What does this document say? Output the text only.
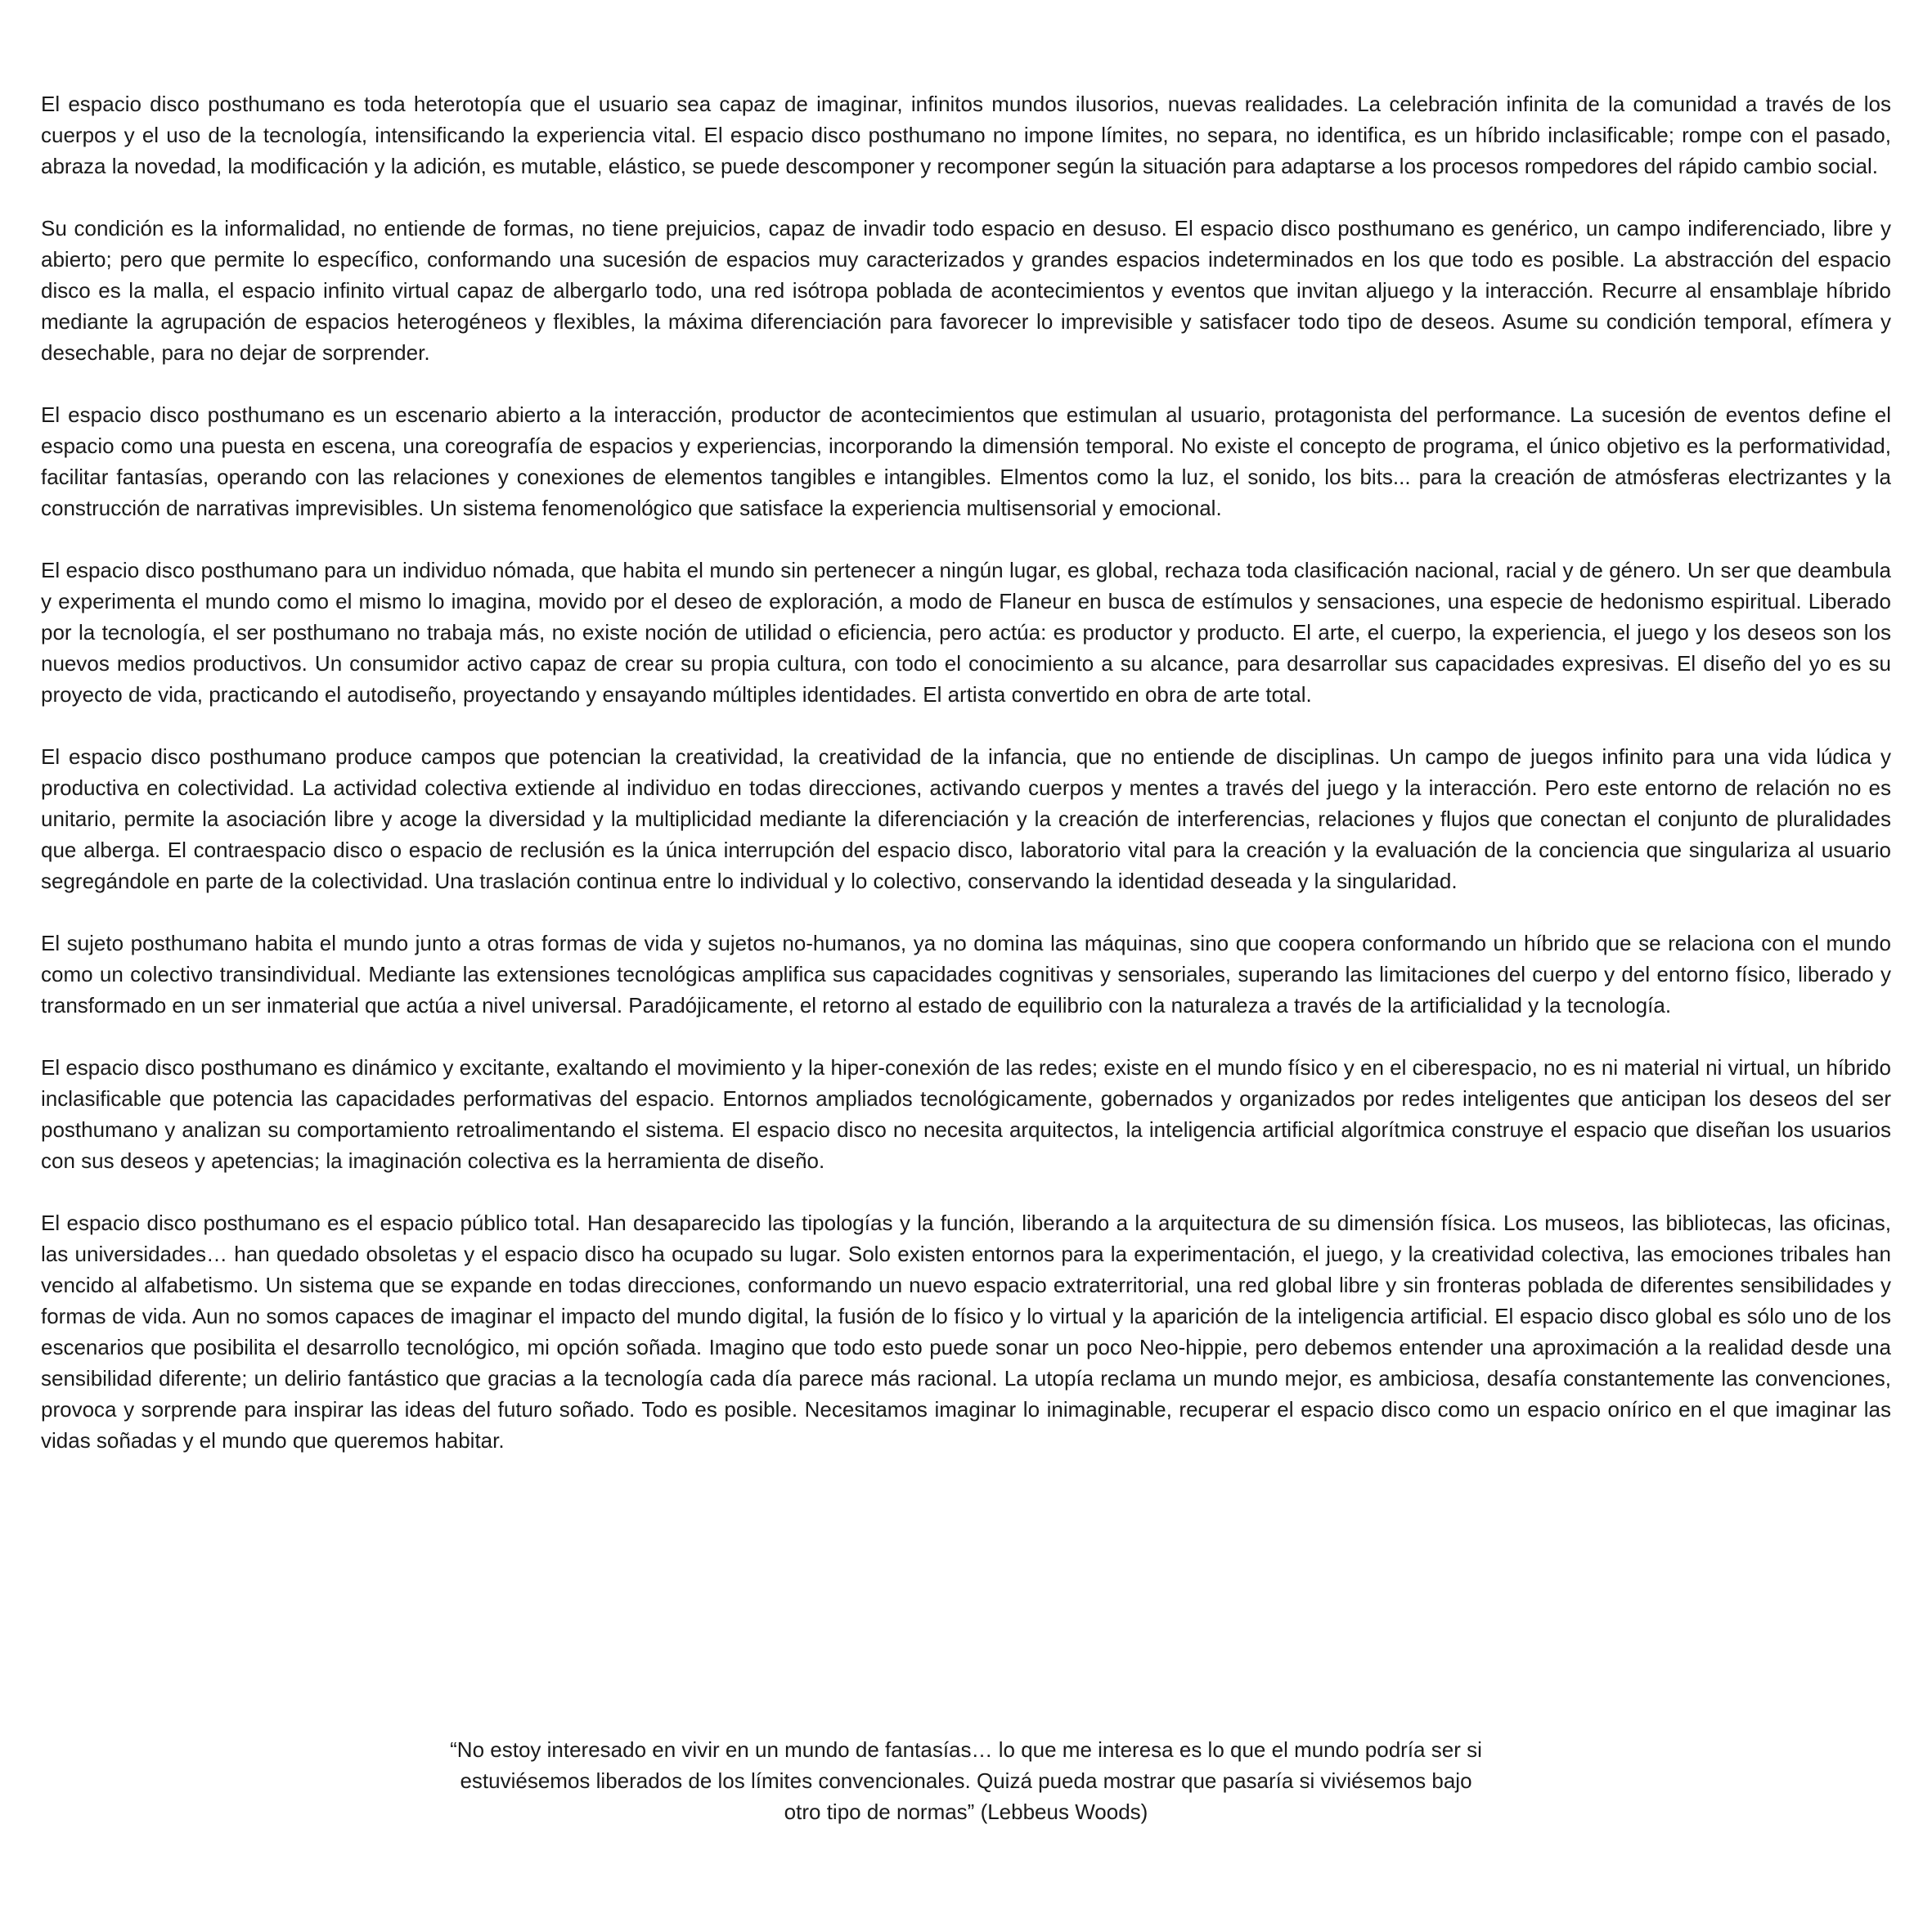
El espacio disco posthumano es toda heterotopía que el usuario sea capaz de imaginar, infinitos mundos ilusorios, nuevas realidades. La celebración infinita de la comunidad a través de los cuerpos y el uso de la tecnología, intensificando la experiencia vital. El espacio disco posthumano no impone límites, no separa, no identifica, es un híbrido inclasificable; rompe con el pasado, abraza la novedad, la modificación y la adición, es mutable, elástico, se puede descomponer y recomponer según la situación para adaptarse a los procesos rompedores del rápido cambio social.

Su condición es la informalidad, no entiende de formas, no tiene prejuicios, capaz de invadir todo espacio en desuso. El espacio disco posthumano es genérico, un campo indiferenciado, libre y abierto; pero que permite lo específico, conformando una sucesión de espacios muy caracterizados y grandes espacios indeterminados en los que todo es posible. La abstracción del espacio disco es la malla, el espacio infinito virtual capaz de albergarlo todo, una red isótropa poblada de acontecimientos y eventos que invitan aljuego y la interacción. Recurre al ensamblaje híbrido mediante la agrupación de espacios heterogéneos y flexibles, la máxima diferenciación para favorecer lo imprevisible y satisfacer todo tipo de deseos. Asume su condición temporal, efímera y desechable, para no dejar de sorprender.

El espacio disco posthumano es un escenario abierto a la interacción, productor de acontecimientos que estimulan al usuario, protagonista del performance. La sucesión de eventos define el espacio como una puesta en escena, una coreografía de espacios y experiencias, incorporando la dimensión temporal. No existe el concepto de programa, el único objetivo es la performatividad, facilitar fantasías, operando con las relaciones y conexiones de elementos tangibles e intangibles. Elmentos como la luz, el sonido, los bits... para la creación de atmósferas electrizantes y la construcción de narrativas imprevisibles. Un sistema fenomenológico que satisface la experiencia multisensorial y emocional.

El espacio disco posthumano para un individuo nómada, que habita el mundo sin pertenecer a ningún lugar, es global, rechaza toda clasificación nacional, racial y de género. Un ser que deambula y experimenta el mundo como el mismo lo imagina, movido por el deseo de exploración, a modo de Flaneur en busca de estímulos y sensaciones, una especie de hedonismo espiritual. Liberado por la tecnología, el ser posthumano no trabaja más, no existe noción de utilidad o eficiencia, pero actúa: es productor y producto. El arte, el cuerpo, la experiencia, el juego y los deseos son los nuevos medios productivos. Un consumidor activo capaz de crear su propia cultura, con todo el conocimiento a su alcance, para desarrollar sus capacidades expresivas. El diseño del yo es su proyecto de vida, practicando el autodiseño, proyectando y ensayando múltiples identidades. El artista convertido en obra de arte total.

El espacio disco posthumano produce campos que potencian la creatividad, la creatividad de la infancia, que no entiende de disciplinas. Un campo de juegos infinito para una vida lúdica y productiva en colectividad. La actividad colectiva extiende al individuo en todas direcciones, activando cuerpos y mentes a través del juego y la interacción. Pero este entorno de relación no es unitario, permite la asociación libre y acoge la diversidad y la multiplicidad mediante la diferenciación y la creación de interferencias, relaciones y flujos que conectan el conjunto de pluralidades que alberga. El contraespacio disco o espacio de reclusión es la única interrupción del espacio disco, laboratorio vital para la creación y la evaluación de la conciencia que singulariza al usuario segregándole en parte de la colectividad. Una traslación continua entre lo individual y lo colectivo, conservando la identidad deseada y la singularidad.

El sujeto posthumano habita el mundo junto a otras formas de vida y sujetos no-humanos, ya no domina las máquinas, sino que coopera conformando un híbrido que se relaciona con el mundo como un colectivo transindividual. Mediante las extensiones tecnológicas amplifica sus capacidades cognitivas y sensoriales, superando las limitaciones del cuerpo y del entorno físico, liberado y transformado en un ser inmaterial que actúa a nivel universal. Paradójicamente, el retorno al estado de equilibrio con la naturaleza a través de la artificialidad y la tecnología.

El espacio disco posthumano es dinámico y excitante, exaltando el movimiento y la hiper-conexión de las redes; existe en el mundo físico y en el ciberespacio, no es ni material ni virtual, un híbrido inclasificable que potencia las capacidades performativas del espacio. Entornos ampliados tecnológicamente, gobernados y organizados por redes inteligentes que anticipan los deseos del ser posthumano y analizan su comportamiento retroalimentando el sistema. El espacio disco no necesita arquitectos, la inteligencia artificial algorítmica construye el espacio que diseñan los usuarios con sus deseos y apetencias; la imaginación colectiva es la herramienta de diseño.

El espacio disco posthumano es el espacio público total. Han desaparecido las tipologías y la función, liberando a la arquitectura de su dimensión física. Los museos, las bibliotecas, las oficinas, las universidades… han quedado obsoletas y el espacio disco ha ocupado su lugar. Solo existen entornos para la experimentación, el juego, y la creatividad colectiva, las emociones tribales han vencido al alfabetismo. Un sistema que se expande en todas direcciones, conformando un nuevo espacio extraterritorial, una red global libre y sin fronteras poblada de diferentes sensibilidades y formas de vida. Aun no somos capaces de imaginar el impacto del mundo digital, la fusión de lo físico y lo virtual y la aparición de la inteligencia artificial. El espacio disco global es sólo uno de los escenarios que posibilita el desarrollo tecnológico, mi opción soñada. Imagino que todo esto puede sonar un poco Neo-hippie, pero debemos entender una aproximación a la realidad desde una sensibilidad diferente; un delirio fantástico que gracias a la tecnología cada día parece más racional. La utopía reclama un mundo mejor, es ambiciosa, desafía constantemente las convenciones, provoca y sorprende para inspirar las ideas del futuro soñado. Todo es posible. Necesitamos imaginar lo inimaginable, recuperar el espacio disco como un espacio onírico en el que imaginar las vidas soñadas y el mundo que queremos habitar.

“No estoy interesado en vivir en un mundo de fantasías… lo que me interesa es lo que el mundo podría ser si estuviésemos liberados de los límites convencionales. Quizá pueda mostrar que pasaría si viviésemos bajo otro tipo de normas” (Lebbeus Woods)
